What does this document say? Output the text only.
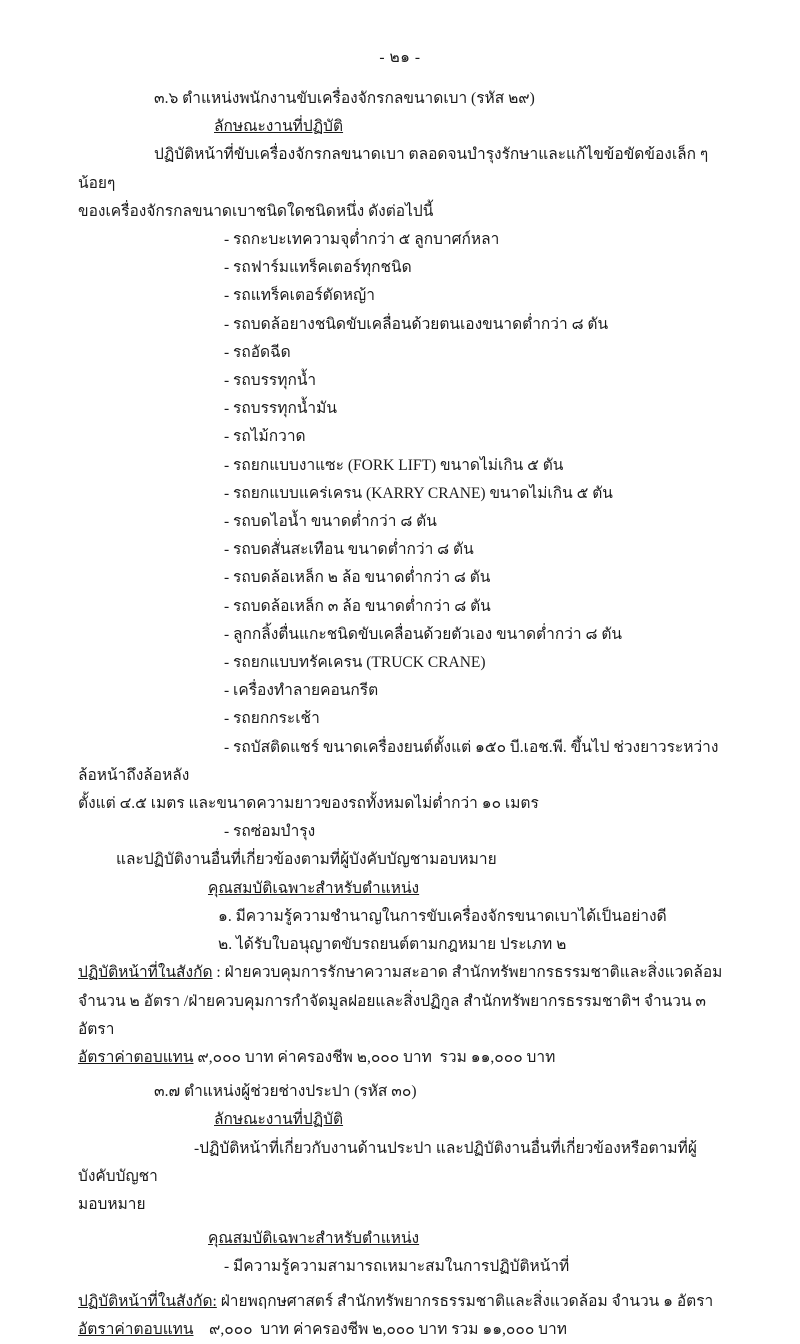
- ๒๑ -

๓.๖ ตำแหน่งพนักงานขับเครื่องจักรกลขนาดเบา (รหัส ๒๙)

ลักษณะงานที่ปฏิบัติ

ปฏิบัติหน้าที่ขับเครื่องจักรกลขนาดเบา ตลอดจนบำรุงรักษาและแก้ไขข้อขัดข้องเล็ก ๆ น้อยๆ

ของเครื่องจักรกลขนาดเบาชนิดใดชนิดหนึ่ง ดังต่อไปนี้

- รถกะบะเทความจุต่ำกว่า ๕ ลูกบาศก์หลา

- รถฟาร์มแทร็คเตอร์ทุกชนิด

- รถแทร็คเตอร์ตัดหญ้า

- รถบดล้อยางชนิดขับเคลื่อนด้วยตนเองขนาดต่ำกว่า ๘ ตัน

- รถอัดฉีด

- รถบรรทุกน้ำ

- รถบรรทุกน้ำมัน

- รถไม้กวาด

- รถยกแบบงาแซะ (FORK LIFT) ขนาดไม่เกิน ๕ ตัน

- รถยกแบบแคร่เครน (KARRY CRANE) ขนาดไม่เกิน ๕ ตัน

- รถบดไอน้ำ ขนาดต่ำกว่า ๘ ตัน

- รถบดสั่นสะเทือน ขนาดต่ำกว่า ๘ ตัน

- รถบดล้อเหล็ก ๒ ล้อ ขนาดต่ำกว่า ๘ ตัน

- รถบดล้อเหล็ก ๓ ล้อ ขนาดต่ำกว่า ๘ ตัน

- ลูกกลิ้งตื่นแกะชนิดขับเคลื่อนด้วยตัวเอง ขนาดต่ำกว่า ๘ ตัน

- รถยกแบบทรัคเครน (TRUCK CRANE)

- เครื่องทำลายคอนกรีต

- รถยกกระเช้า

- รถบัสติดแชร์ ขนาดเครื่องยนต์ตั้งแต่ ๑๕๐ บี.เอช.พี. ขึ้นไป ช่วงยาวระหว่างล้อหน้าถึงล้อหลัง

ตั้งแต่ ๔.๕ เมตร และขนาดความยาวของรถทั้งหมดไม่ต่ำกว่า ๑๐ เมตร

- รถซ่อมบำรุง

และปฏิบัติงานอื่นที่เกี่ยวข้องตามที่ผู้บังคับบัญชามอบหมาย

คุณสมบัติเฉพาะสำหรับตำแหน่ง

๑. มีความรู้ความชำนาญในการขับเครื่องจักรขนาดเบาได้เป็นอย่างดี

๒. ได้รับใบอนุญาตขับรถยนต์ตามกฎหมาย ประเภท ๒

ปฏิบัติหน้าที่ในสังกัด : ฝ่ายควบคุมการรักษาความสะอาด สำนักทรัพยากรธรรมชาติและสิ่งแวดล้อม

จำนวน ๒ อัตรา /ฝ่ายควบคุมการกำจัดมูลฝอยและสิ่งปฏิกูล สำนักทรัพยากรธรรมชาติฯ จำนวน ๓ อัตรา

อัตราค่าตอบแทน ๙,๐๐๐ บาท ค่าครองชีพ ๒,๐๐๐ บาท  รวม ๑๑,๐๐๐ บาท

๓.๗ ตำแหน่งผู้ช่วยช่างประปา (รหัส ๓๐)

ลักษณะงานที่ปฏิบัติ

-ปฏิบัติหน้าที่เกี่ยวกับงานด้านประปา และปฏิบัติงานอื่นที่เกี่ยวข้องหรือตามที่ผู้บังคับบัญชา

มอบหมาย

คุณสมบัติเฉพาะสำหรับตำแหน่ง

- มีความรู้ความสามารถเหมาะสมในการปฏิบัติหน้าที่

ปฏิบัติหน้าที่ในสังกัด: ฝ่ายพฤกษศาสตร์ สำนักทรัพยากรธรรมชาติและสิ่งแวดล้อม จำนวน ๑ อัตรา

อัตราค่าตอบแทน    ๙,๐๐๐  บาท ค่าครองชีพ ๒,๐๐๐ บาท รวม ๑๑,๐๐๐ บาท
